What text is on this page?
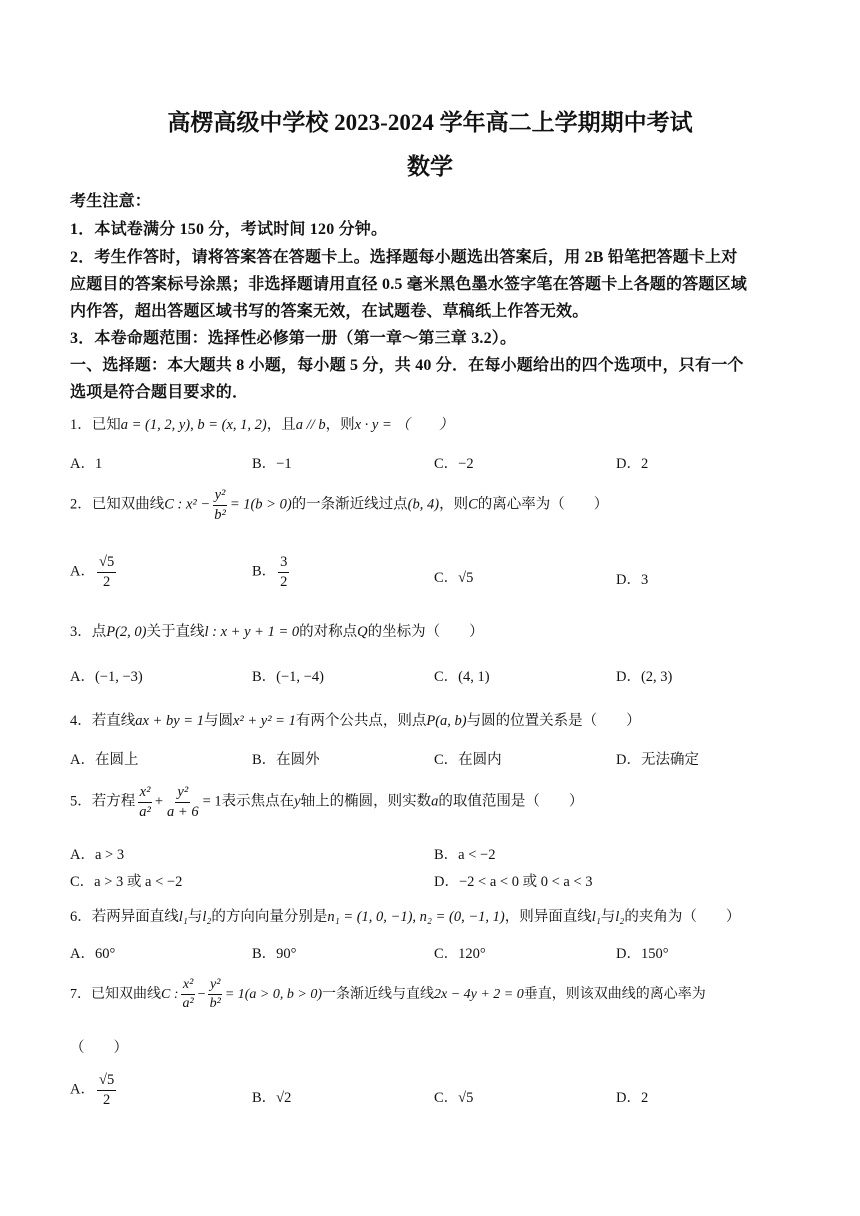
高楞高级中学校 2023-2024 学年高二上学期期中考试
数学
考生注意：
1．本试卷满分 150 分，考试时间 120 分钟。
2．考生作答时，请将答案答在答题卡上。选择题每小题选出答案后，用 2B 铅笔把答题卡上对
应题目的答案标号涂黑；非选择题请用直径 0.5 毫米黑色墨水签字笔在答题卡上各题的答题区域
内作答，超出答题区域书写的答案无效，在试题卷、草稿纸上作答无效。
3．本卷命题范围：选择性必修第一册（第一章～第三章 3.2）。
一、选择题：本大题共 8 小题，每小题 5 分，共 40 分．在每小题给出的四个选项中，只有一个
选项是符合题目要求的．
1．已知a = (1, 2, y), b = (x, 1, 2)，且a // b，则x · y = （　　）
A．1	B．−1	C．−2	D．2
2．已知双曲线C : $x^2 - \frac{\text{y²}}{\text{b²}} = 1(b > 0)$的一条渐近线过点(b, 4)，则C的离心率为（　　）
A． $\frac{√5}{2}$	B． $\frac{3}{2}$	C．√5	D．3
3．点P(2, 0)关于直线l : x + y + 1 = 0的对称点Q的坐标为（　　）
A．(−1, −3)	B．(−1, −4)	C．(4, 1)	D．(2, 3)
4．若直线ax + by = 1与圆x² + y² = 1有两个公共点，则点P(a, b)与圆的位置关系是（　　）
A．在圆上	B．在圆外	C．在圆内	D．无法确定
5．若方程 $\frac{\text{x²}}{\text{a²}} + \frac{\text{y²}}{a + 6} = 1$表示焦点在y轴上的椭圆，则实数a的取值范围是（　　）
A．a > 3	B．a < −2
C．a > 3 或 a < −2	D．−2 < a < 0 或 0 < a < 3
6．若两异面直线l₁与l₂的方向向量分别是n₁ = (1, 0, −1), n₂ = (0, −1, 1)，则异面直线l₁与l₂的夹角为（　　）
A．60°	B．90°	C．120°	D．150°
7．已知双曲线C : $\frac{\text{x²}}{\text{a²}} - \frac{\text{y²}}{\text{b²}} = 1(a > 0$, b > 0)一条渐近线与直线2x − 4y + 2 = 0垂直，则该双曲线的离心率为
（　　）
A． $\frac{√5}{2}$	B．√2	C．√5	D．2
